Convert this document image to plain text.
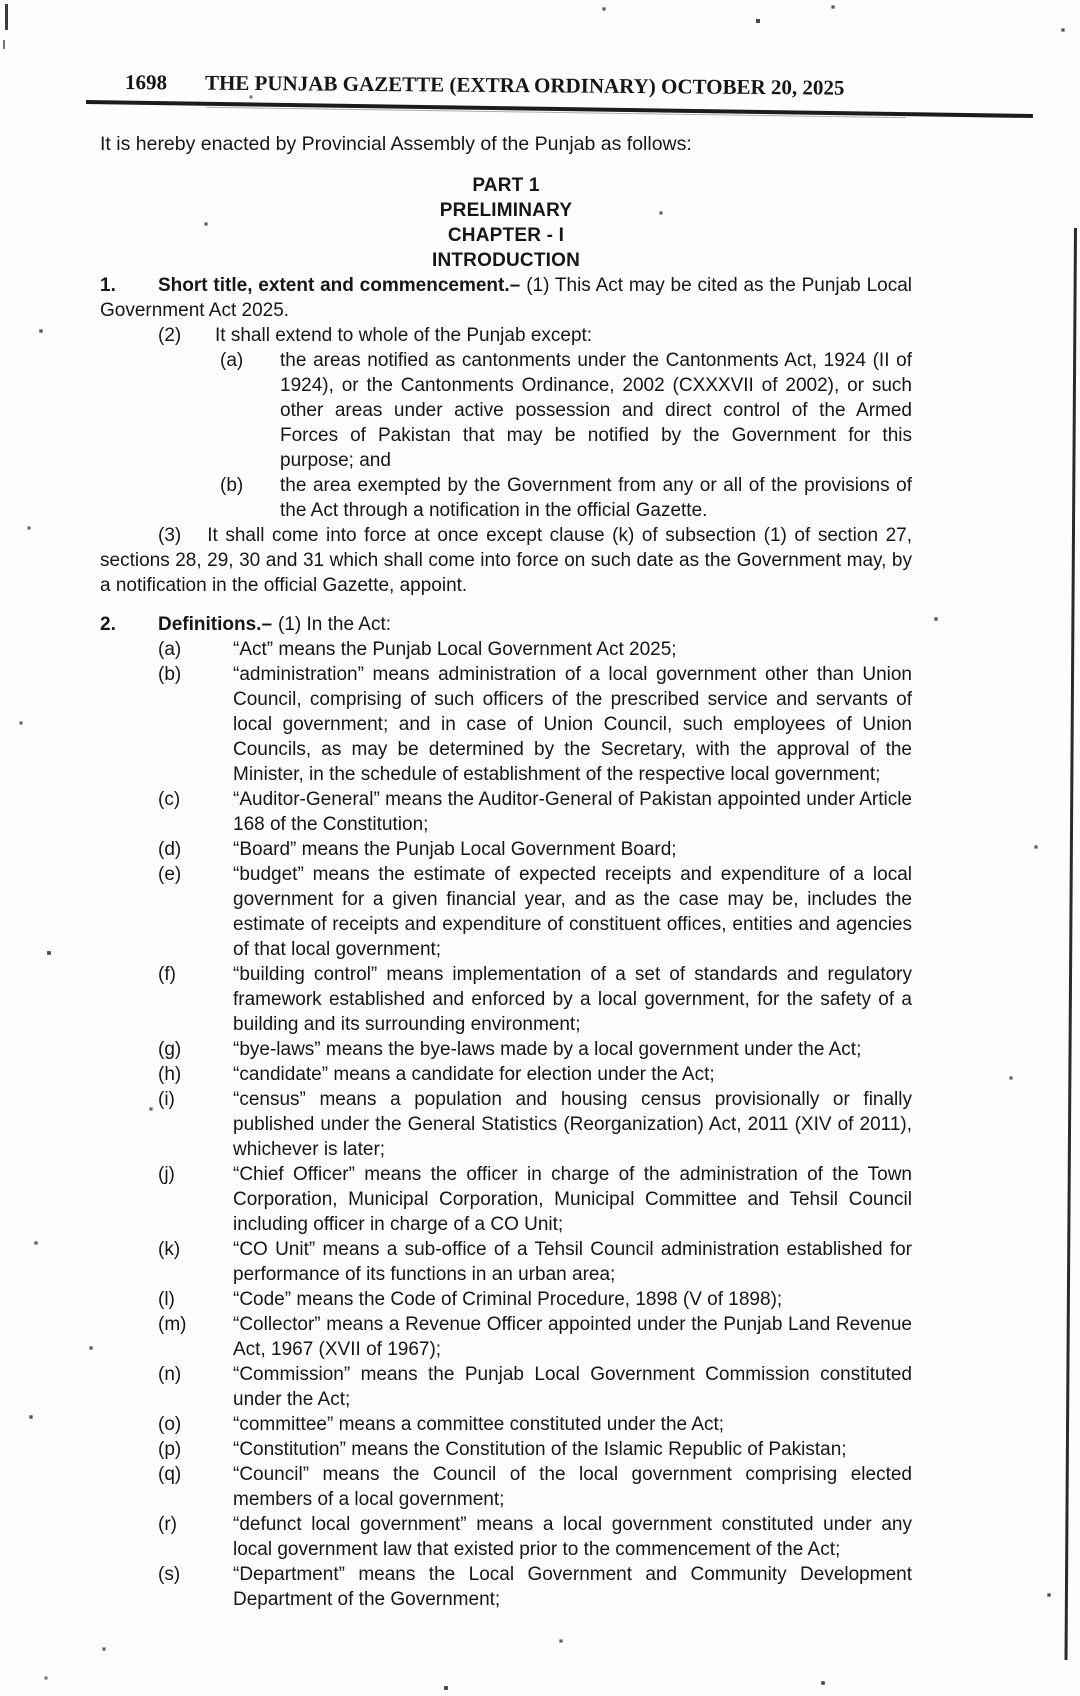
1698 THE PUNJAB GAZETTE (EXTRA ORDINARY) OCTOBER 20, 2025

It is hereby enacted by Provincial Assembly of the Punjab as follows:

PART 1
PRELIMINARY
CHAPTER - I
INTRODUCTION

1. Short title, extent and commencement.– (1) This Act may be cited as the Punjab Local Government Act 2025.

(2)	It shall extend to whole of the Punjab except:
(a)	the areas notified as cantonments under the Cantonments Act, 1924 (II of 1924), or the Cantonments Ordinance, 2002 (CXXXVII of 2002), or such other areas under active possession and direct control of the Armed Forces of Pakistan that may be notified by the Government for this purpose; and
(b)	the area exempted by the Government from any or all of the provisions of the Act through a notification in the official Gazette.

(3) It shall come into force at once except clause (k) of subsection (1) of section 27, sections 28, 29, 30 and 31 which shall come into force on such date as the Government may, by a notification in the official Gazette, appoint.

2. Definitions.– (1) In the Act:

(a)	“Act” means the Punjab Local Government Act 2025;
(b)	“administration” means administration of a local government other than Union Council, comprising of such officers of the prescribed service and servants of local government; and in case of Union Council, such employees of Union Councils, as may be determined by the Secretary, with the approval of the Minister, in the schedule of establishment of the respective local government;
(c)	“Auditor-General” means the Auditor-General of Pakistan appointed under Article 168 of the Constitution;
(d)	“Board” means the Punjab Local Government Board;
(e)	“budget” means the estimate of expected receipts and expenditure of a local government for a given financial year, and as the case may be, includes the estimate of receipts and expenditure of constituent offices, entities and agencies of that local government;
(f)	“building control” means implementation of a set of standards and regulatory framework established and enforced by a local government, for the safety of a building and its surrounding environment;
(g)	“bye-laws” means the bye-laws made by a local government under the Act;
(h)	“candidate” means a candidate for election under the Act;
(i)	“census” means a population and housing census provisionally or finally published under the General Statistics (Reorganization) Act, 2011 (XIV of 2011), whichever is later;
(j)	“Chief Officer” means the officer in charge of the administration of the Town Corporation, Municipal Corporation, Municipal Committee and Tehsil Council including officer in charge of a CO Unit;
(k)	“CO Unit” means a sub-office of a Tehsil Council administration established for performance of its functions in an urban area;
(l)	“Code” means the Code of Criminal Procedure, 1898 (V of 1898);
(m)	“Collector” means a Revenue Officer appointed under the Punjab Land Revenue Act, 1967 (XVII of 1967);
(n)	“Commission” means the Punjab Local Government Commission constituted under the Act;
(o)	“committee” means a committee constituted under the Act;
(p)	“Constitution” means the Constitution of the Islamic Republic of Pakistan;
(q)	“Council” means the Council of the local government comprising elected members of a local government;
(r)	“defunct local government” means a local government constituted under any local government law that existed prior to the commencement of the Act;
(s)	“Department” means the Local Government and Community Development Department of the Government;
